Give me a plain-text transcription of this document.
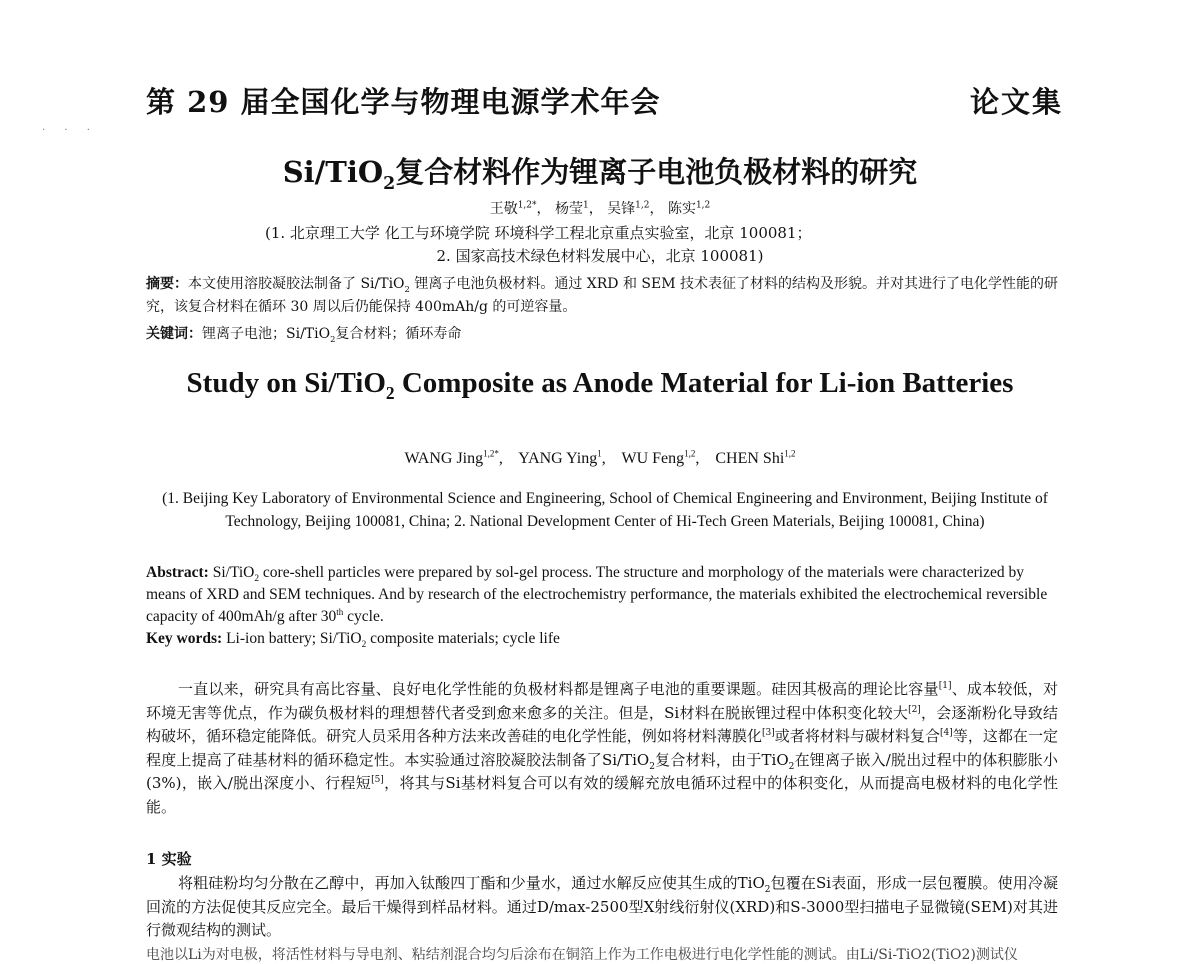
第 29 届全国化学与物理电源学术年会	论文集
· · ·
Si/TiO$_2$复合材料作为锂离子电池负极材料的研究
王敬$^{1,2*}$， 杨莹$^1$， 吴锋$^{1,2}$， 陈实$^{1,2}$
(1. 北京理工大学 化工与环境学院 环境科学工程北京重点实验室，北京 100081；
2. 国家高技术绿色材料发展中心，北京 100081)
摘要：本文使用溶胶凝胶法制备了 Si/TiO$_2$ 锂离子电池负极材料。通过 XRD 和 SEM 技术表征了材料的结构及形貌。并对其进行了电化学性能的研究，该复合材料在循环 30 周以后仍能保持 400mAh/g 的可逆容量。
关键词：锂离子电池；Si/TiO$_2$复合材料；循环寿命
Study on Si/TiO$_2$ Composite as Anode Material for Li-ion Batteries
WANG Jing$^{1,2*}$, YANG Ying$^1$, WU Feng$^{1,2}$, CHEN Shi$^{1,2}$
(1. Beijing Key Laboratory of Environmental Science and Engineering, School of Chemical Engineering and Environment, Beijing Institute of Technology, Beijing 100081, China; 2. National Development Center of Hi-Tech Green Materials, Beijing 100081, China)
Abstract: Si/TiO$_2$ core-shell particles were prepared by sol-gel process. The structure and morphology of the materials were characterized by means of XRD and SEM techniques. And by research of the electrochemistry performance, the materials exhibited the electrochemical reversible capacity of 400mAh/g after 30th cycle.
Key words: Li-ion battery; Si/TiO$_2$ composite materials; cycle life
一直以来，研究具有高比容量、良好电化学性能的负极材料都是锂离子电池的重要课题。硅因其极高的理论比容量[1]、成本较低，对环境无害等优点，作为碳负极材料的理想替代者受到愈来愈多的关注。但是，Si材料在脱嵌锂过程中体积变化较大[2]，会逐渐粉化导致结构破坏，循环稳定能降低。研究人员采用各种方法来改善硅的电化学性能，例如将材料薄膜化[3]或者将材料与碳材料复合[4]等，这都在一定程度上提高了硅基材料的循环稳定性。本实验通过溶胶凝胶法制备了Si/TiO$_2$复合材料，由于TiO$_2$在锂离子嵌入/脱出过程中的体积膨胀小(3%)，嵌入/脱出深度小、行程短[5]，将其与Si基材料复合可以有效的缓解充放电循环过程中的体积变化，从而提高电极材料的电化学性能。
1 实验
将粗硅粉均匀分散在乙醇中，再加入钛酸四丁酯和少量水，通过水解反应使其生成的TiO$_2$包覆在Si表面，形成一层包覆膜。使用冷凝回流的方法促使其反应完全。最后干燥得到样品材料。通过D/max-2500型X射线衍射仪(XRD)和S-3000型扫描电子显微镜(SEM)对其进行微观结构的测试。
电池以Li为对电极，将活性材料与导电剂、粘结剂混合均匀后涂布在铜箔上作为工作电极进行电化学性能的测试。由Li/Si-TiO2(TiO2)测试仪
